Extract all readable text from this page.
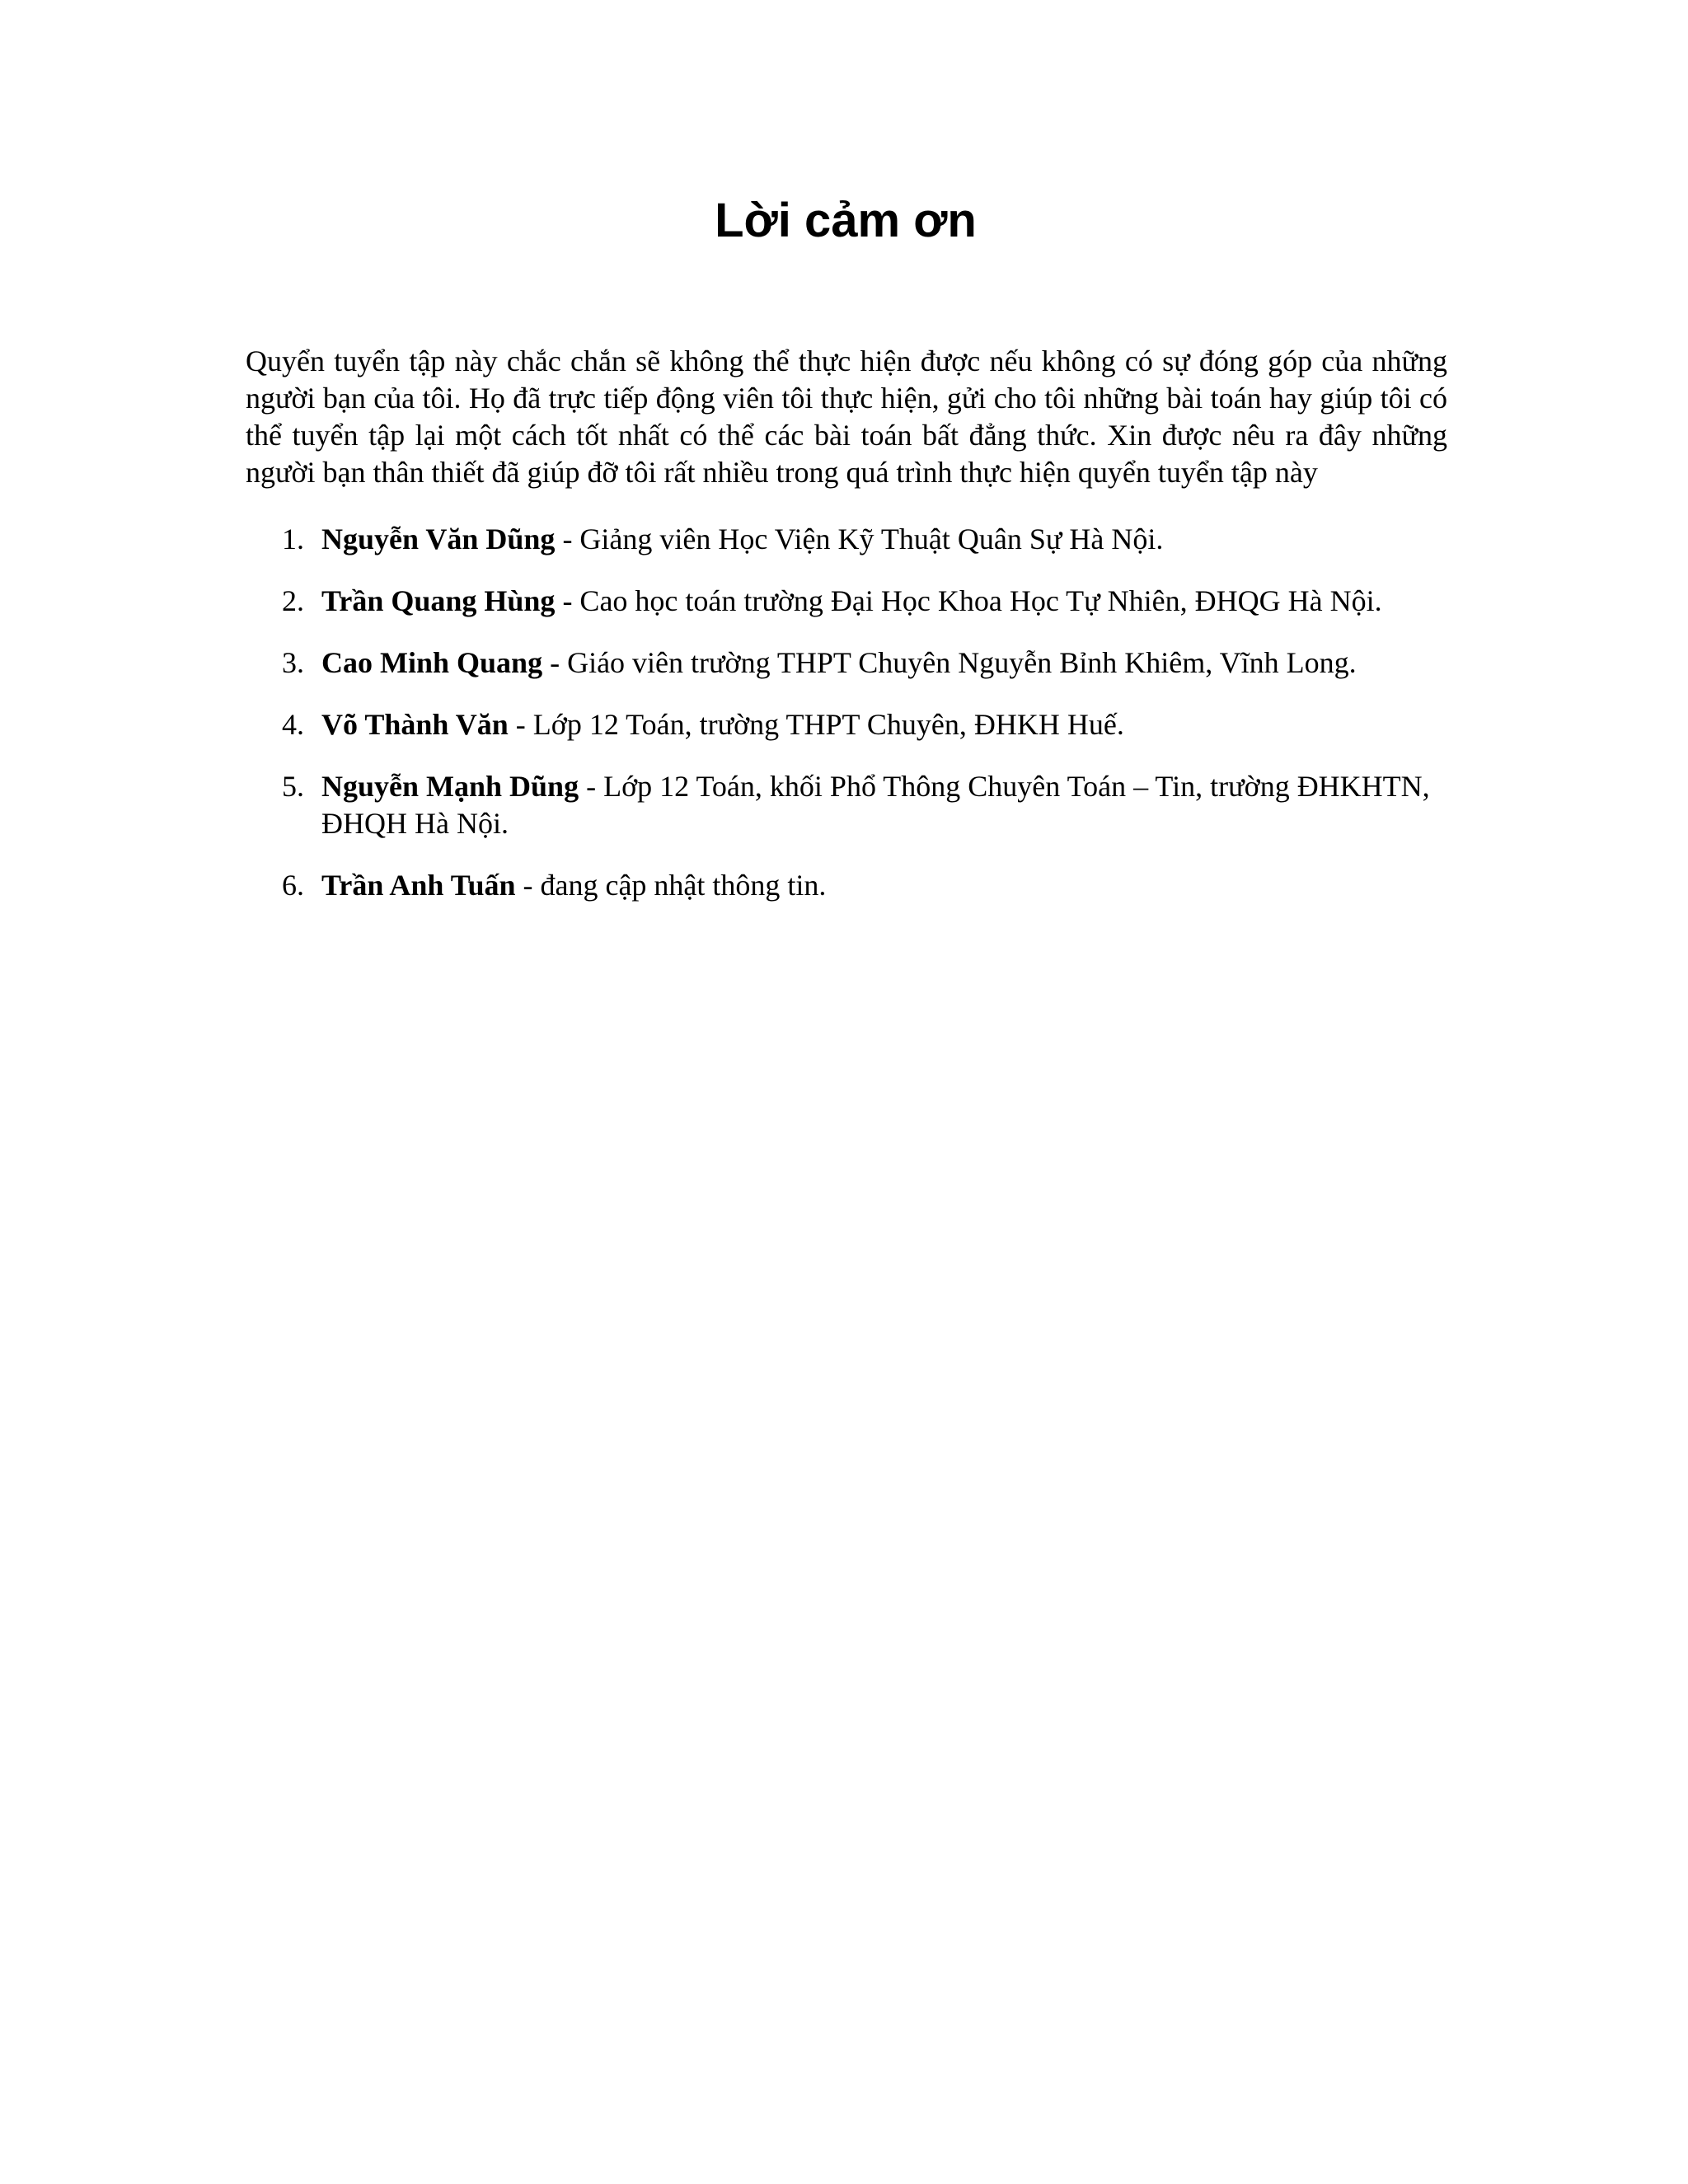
Lời cảm ơn

Quyển tuyển tập này chắc chắn sẽ không thể thực hiện được nếu không có sự đóng góp của những người bạn của tôi. Họ đã trực tiếp động viên tôi thực hiện, gửi cho tôi những bài toán hay giúp tôi có thể tuyển tập lại một cách tốt nhất có thể các bài toán bất đẳng thức. Xin được nêu ra đây những người bạn thân thiết đã giúp đỡ tôi rất nhiều trong quá trình thực hiện quyển tuyển tập này

1. Nguyễn Văn Dũng - Giảng viên Học Viện Kỹ Thuật Quân Sự Hà Nội.
2. Trần Quang Hùng - Cao học toán trường Đại Học Khoa Học Tự Nhiên, ĐHQG Hà Nội.
3. Cao Minh Quang - Giáo viên trường THPT Chuyên Nguyễn Bỉnh Khiêm, Vĩnh Long.
4. Võ Thành Văn - Lớp 12 Toán, trường THPT Chuyên, ĐHKH Huế.
5. Nguyễn Mạnh Dũng - Lớp 12 Toán, khối Phổ Thông Chuyên Toán – Tin, trường ĐHKHTN, ĐHQH Hà Nội.
6. Trần Anh Tuấn - đang cập nhật thông tin.
